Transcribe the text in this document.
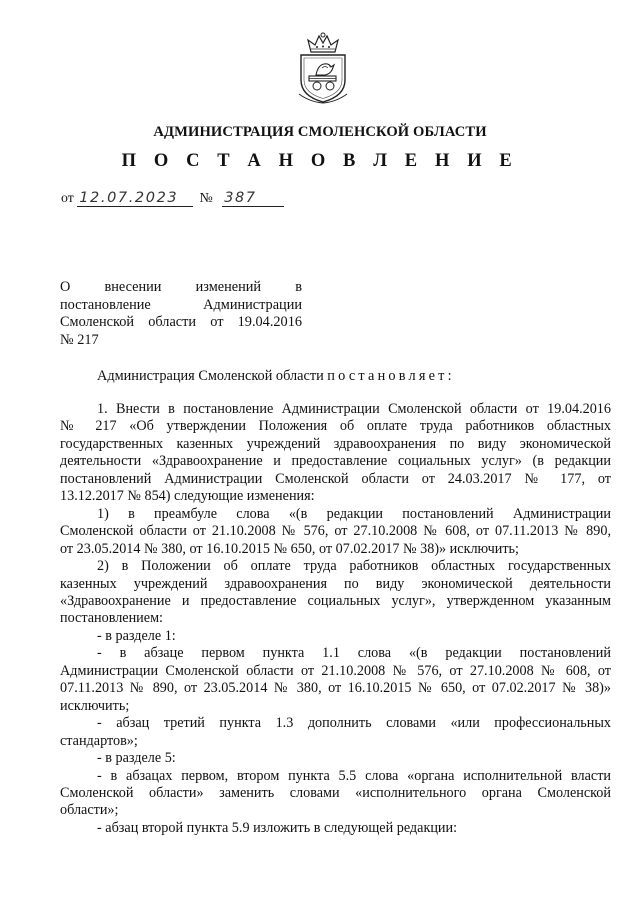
АДМИНИСТРАЦИЯ СМОЛЕНСКОЙ ОБЛАСТИ
П О С Т А Н О В Л Е Н И Е
от 12.07.2023 № 387
О внесении изменений в
постановление Администрации
Смоленской области от 19.04.2016
№ 217
Администрация Смоленской области постановляет:
1. Внести в постановление Администрации Смоленской области от 19.04.2016
№ 217 «Об утверждении Положения об оплате труда работников областных
государственных казенных учреждений здравоохранения по виду экономической
деятельности «Здравоохранение и предоставление социальных услуг» (в редакции
постановлений Администрации Смоленской области от 24.03.2017 № 177, от
13.12.2017 № 854) следующие изменения:
1) в преамбуле слова «(в редакции постановлений Администрации
Смоленской области от 21.10.2008 № 576, от 27.10.2008 № 608, от 07.11.2013 № 890,
от 23.05.2014 № 380, от 16.10.2015 № 650, от 07.02.2017 № 38)» исключить;
2) в Положении об оплате труда работников областных государственных
казенных учреждений здравоохранения по виду экономической деятельности
«Здравоохранение и предоставление социальных услуг», утвержденном указанным
постановлением:
- в разделе 1:
- в абзаце первом пункта 1.1 слова «(в редакции постановлений
Администрации Смоленской области от 21.10.2008 № 576, от 27.10.2008 № 608, от
07.11.2013 № 890, от 23.05.2014 № 380, от 16.10.2015 № 650, от 07.02.2017 № 38)»
исключить;
- абзац третий пункта 1.3 дополнить словами «или профессиональных
стандартов»;
- в разделе 5:
- в абзацах первом, втором пункта 5.5 слова «органа исполнительной власти
Смоленской области» заменить словами «исполнительного органа Смоленской
области»;
- абзац второй пункта 5.9 изложить в следующей редакции:
